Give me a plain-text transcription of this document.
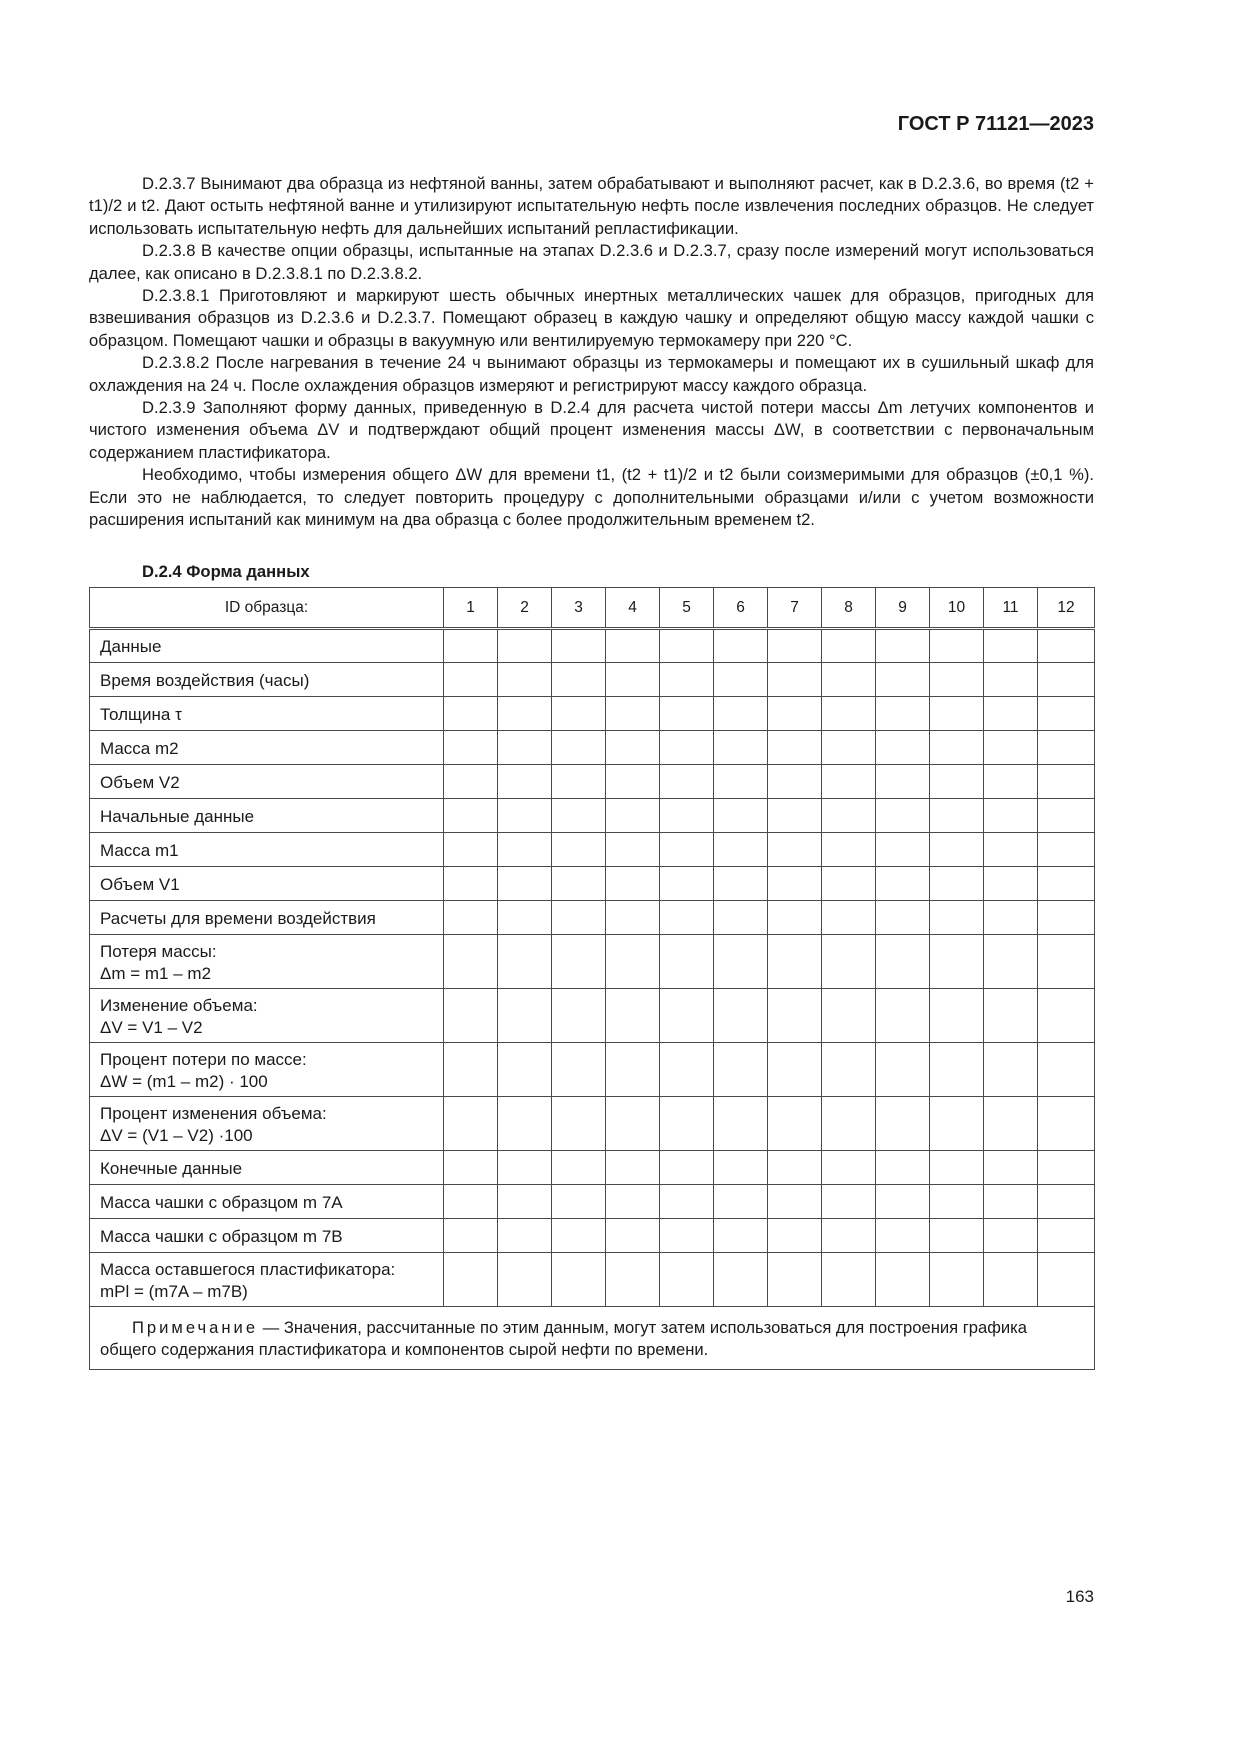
ГОСТ Р 71121—2023

D.2.3.7 Вынимают два образца из нефтяной ванны, затем обрабатывают и выполняют расчет, как в D.2.3.6, во время (t2 + t1)/2 и t2. Дают остыть нефтяной ванне и утилизируют испытательную нефть после извлечения последних образцов. Не следует использовать испытательную нефть для дальнейших испытаний репластификации.

D.2.3.8 В качестве опции образцы, испытанные на этапах D.2.3.6 и D.2.3.7, сразу после измерений могут использоваться далее, как описано в D.2.3.8.1 по D.2.3.8.2.

D.2.3.8.1 Приготовляют и маркируют шесть обычных инертных металлических чашек для образцов, пригодных для взвешивания образцов из D.2.3.6 и D.2.3.7. Помещают образец в каждую чашку и определяют общую массу каждой чашки с образцом. Помещают чашки и образцы в вакуумную или вентилируемую термокамеру при 220 °C.

D.2.3.8.2 После нагревания в течение 24 ч вынимают образцы из термокамеры и помещают их в сушильный шкаф для охлаждения на 24 ч. После охлаждения образцов измеряют и регистрируют массу каждого образца.

D.2.3.9 Заполняют форму данных, приведенную в D.2.4 для расчета чистой потери массы Δm летучих компонентов и чистого изменения объема ΔV и подтверждают общий процент изменения массы ΔW, в соответствии с первоначальным содержанием пластификатора.

Необходимо, чтобы измерения общего ΔW для времени t1, (t2 + t1)/2 и t2 были соизмеримыми для образцов (±0,1 %). Если это не наблюдается, то следует повторить процедуру с дополнительными образцами и/или с учетом возможности расширения испытаний как минимум на два образца с более продолжительным временем t2.

D.2.4 Форма данных
ID образца:	1	2	3	4	5	6	7	8	9	10	11	12

Данные												

Время воздействия (часы)												

Толщина τ												

Масса m2												

Объем V2												

Начальные данные												

Масса m1												

Объем V1												

Расчеты для времени воздействия												

Потеря массы:
Δm = m1 – m2												

Изменение объема:
ΔV = V1 – V2												

Процент потери по массе:
ΔW = (m1 – m2) · 100												

Процент изменения объема:
ΔV = (V1 – V2) ·100												

Конечные данные												

Масса чашки с образцом m 7A												

Масса чашки с образцом m 7B												

Масса оставшегося пластификатора:
mPl = (m7A – m7B)												

Примечание — Значения, рассчитанные по этим данным, могут затем использоваться для построения графика общего содержания пластификатора и компонентов сырой нефти по времени.												
163
